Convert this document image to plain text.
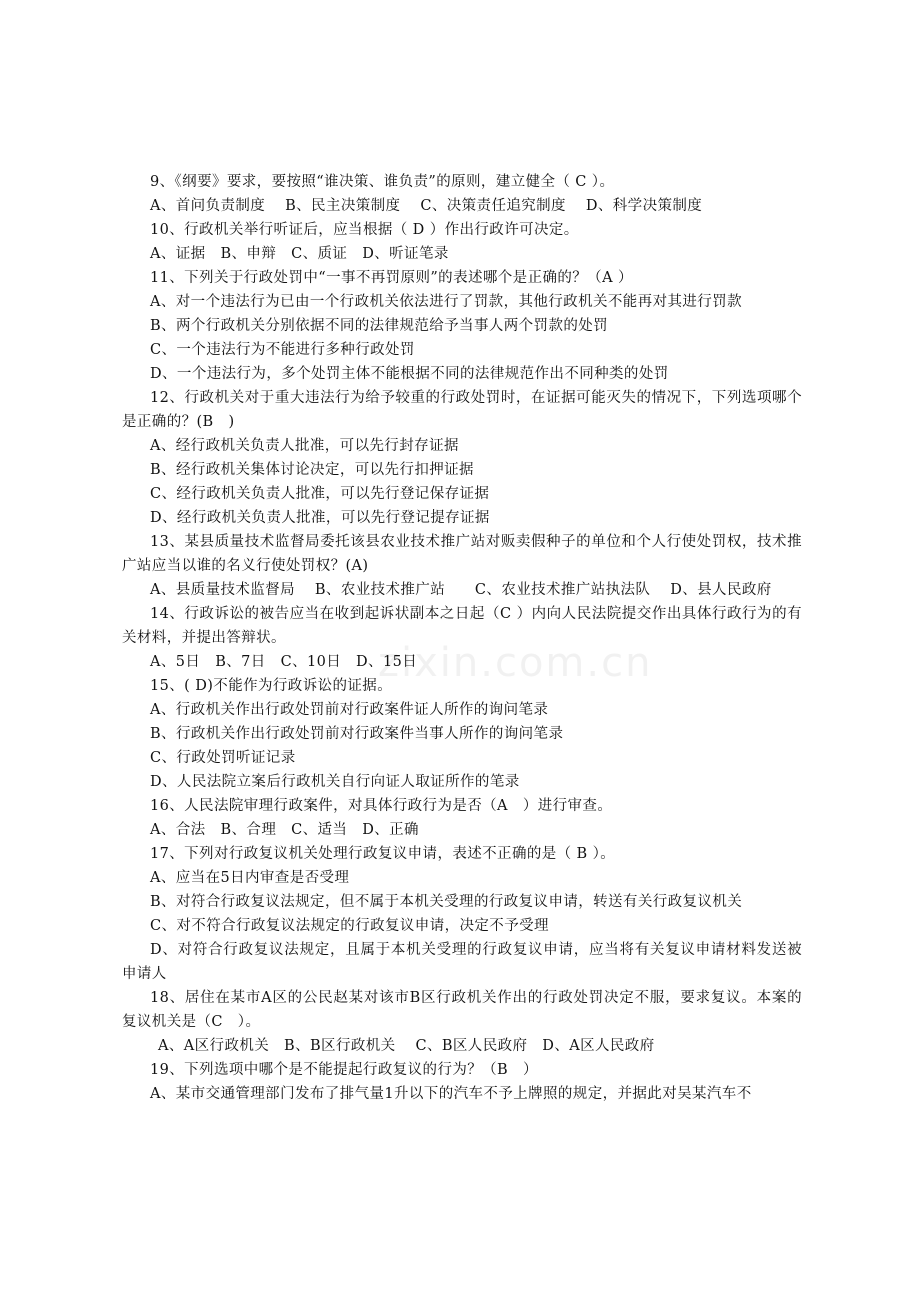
zixin.com.cn
9、《纲要》要求，要按照“谁决策、谁负责”的原则，建立健全（ C ）。
A、首问负责制度　 B、民主决策制度　 C、决策责任追究制度　 D、科学决策制度
10、行政机关举行听证后，应当根据（ D ）作出行政许可决定。
A、证据　B、申辩　C、质证　D、听证笔录
11、下列关于行政处罚中“一事不再罚原则”的表述哪个是正确的？（A ）
A、对一个违法行为已由一个行政机关依法进行了罚款，其他行政机关不能再对其进行罚款
B、两个行政机关分别依据不同的法律规范给予当事人两个罚款的处罚
C、一个违法行为不能进行多种行政处罚
D、一个违法行为，多个处罚主体不能根据不同的法律规范作出不同种类的处罚
12、行政机关对于重大违法行为给予较重的行政处罚时，在证据可能灭失的情况下，下列选项哪个是正确的？(B　)
A、经行政机关负责人批准，可以先行封存证据
B、经行政机关集体讨论决定，可以先行扣押证据
C、经行政机关负责人批准，可以先行登记保存证据
D、经行政机关负责人批准，可以先行登记提存证据
13、某县质量技术监督局委托该县农业技术推广站对贩卖假种子的单位和个人行使处罚权，技术推广站应当以谁的名义行使处罚权？(A)
A、县质量技术监督局　 B、农业技术推广站　　C、农业技术推广站执法队　 D、县人民政府
14、行政诉讼的被告应当在收到起诉状副本之日起（C ）内向人民法院提交作出具体行政行为的有关材料，并提出答辩状。
A、5日　B、7日　C、10日　D、15日
15、( D)不能作为行政诉讼的证据。
A、行政机关作出行政处罚前对行政案件证人所作的询问笔录
B、行政机关作出行政处罚前对行政案件当事人所作的询问笔录
C、行政处罚听证记录
D、人民法院立案后行政机关自行向证人取证所作的笔录
16、人民法院审理行政案件，对具体行政行为是否（A　）进行审查。
A、合法　B、合理　C、适当　D、正确
17、下列对行政复议机关处理行政复议申请，表述不正确的是（ B ）。
A、应当在5日内审查是否受理
B、对符合行政复议法规定，但不属于本机关受理的行政复议申请，转送有关行政复议机关
C、对不符合行政复议法规定的行政复议申请，决定不予受理
D、对符合行政复议法规定，且属于本机关受理的行政复议申请，应当将有关复议申请材料发送被申请人
18、居住在某市A区的公民赵某对该市B区行政机关作出的行政处罚决定不服，要求复议。本案的复议机关是（C　）。
A、A区行政机关　B、B区行政机关　 C、B区人民政府　D、A区人民政府
19、下列选项中哪个是不能提起行政复议的行为？（B　）
A、某市交通管理部门发布了排气量1升以下的汽车不予上牌照的规定，并据此对吴某汽车不
